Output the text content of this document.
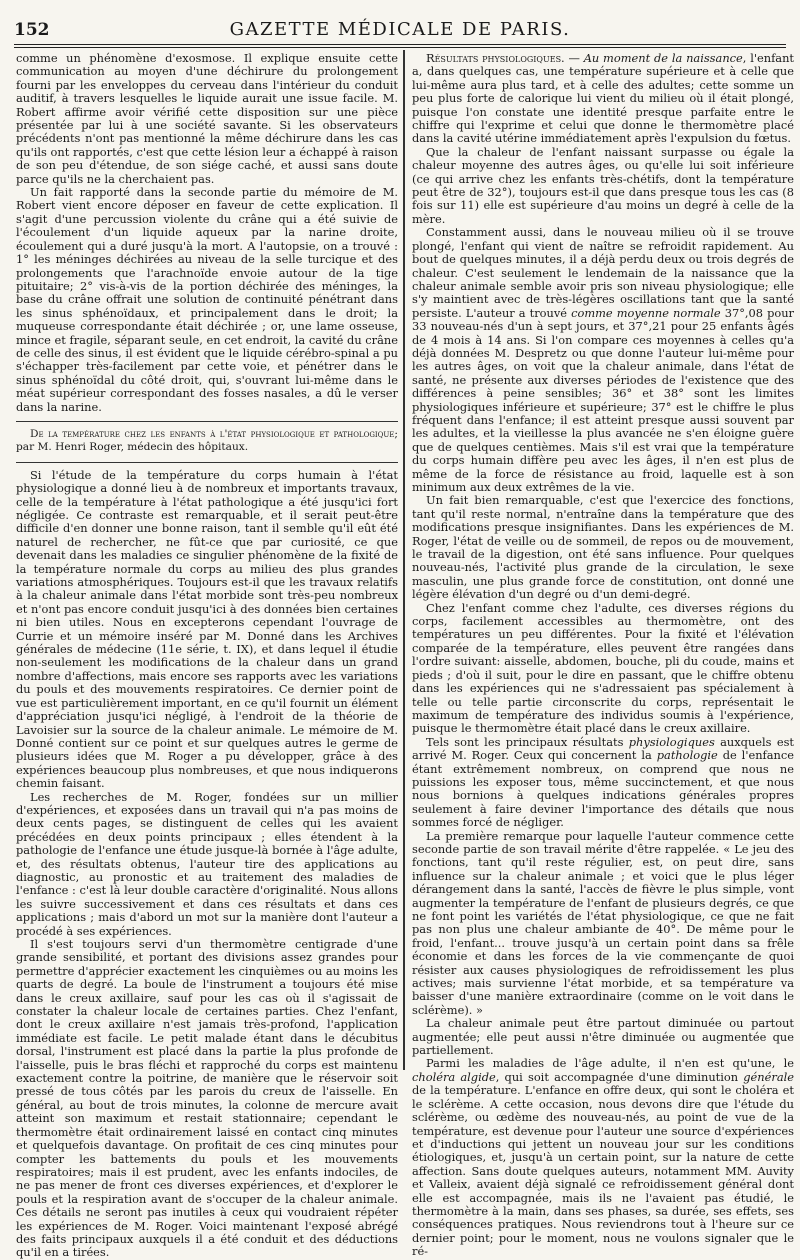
152	GAZETTE MÉDICALE DE PARIS.

comme un phénomène d'exosmose. Il explique ensuite cette communication au moyen d'une déchirure du prolongement fourni par les enveloppes du cerveau dans l'intérieur du conduit auditif, à travers lesquelles le liquide aurait une issue facile. M. Robert affirme avoir vérifié cette disposition sur une pièce présentée par lui à une société savante. Si les observateurs précédents n'ont pas mentionné la même déchirure dans les cas qu'ils ont rapportés, c'est que cette lésion leur a échappé à raison de son peu d'étendue, de son siége caché, et aussi sans doute parce qu'ils ne la cherchaient pas.

Un fait rapporté dans la seconde partie du mémoire de M. Robert vient encore déposer en faveur de cette explication. Il s'agit d'une percussion violente du crâne qui a été suivie de l'écoulement d'un liquide aqueux par la narine droite, écoulement qui a duré jusqu'à la mort. A l'autopsie, on a trouvé : 1° les méninges déchirées au niveau de la selle turcique et des prolongements que l'arachnoïde envoie autour de la tige pituitaire; 2° vis-à-vis de la portion déchirée des méninges, la base du crâne offrait une solution de continuité pénétrant dans les sinus sphénoïdaux, et principalement dans le droit; la muqueuse correspondante était déchirée ; or, une lame osseuse, mince et fragile, séparant seule, en cet endroit, la cavité du crâne de celle des sinus, il est évident que le liquide cérébro-spinal a pu s'échapper très-facilement par cette voie, et pénétrer dans le sinus sphénoïdal du côté droit, qui, s'ouvrant lui-même dans le méat supérieur correspondant des fosses nasales, a dû le verser dans la narine.

De la température chez les enfants à l'état physiologique et pathologique; par M. Henri Roger, médecin des hôpitaux.

Si l'étude de la température du corps humain à l'état physiologique a donné lieu à de nombreux et importants travaux, celle de la température à l'état pathologique a été jusqu'ici fort négligée. Ce contraste est remarquable, et il serait peut-être difficile d'en donner une bonne raison, tant il semble qu'il eût été naturel de rechercher, ne fût-ce que par curiosité, ce que devenait dans les maladies ce singulier phénomène de la fixité de la température normale du corps au milieu des plus grandes variations atmosphériques. Toujours est-il que les travaux relatifs à la chaleur animale dans l'état morbide sont très-peu nombreux et n'ont pas encore conduit jusqu'ici à des données bien certaines ni bien utiles. Nous en excepterons cependant l'ouvrage de Currie et un mémoire inséré par M. Donné dans les Archives générales de médecine (11e série, t. IX), et dans lequel il étudie non-seulement les modifications de la chaleur dans un grand nombre d'affections, mais encore ses rapports avec les variations du pouls et des mouvements respiratoires. Ce dernier point de vue est particulièrement important, en ce qu'il fournit un élément d'appréciation jusqu'ici négligé, à l'endroit de la théorie de Lavoisier sur la source de la chaleur animale. Le mémoire de M. Donné contient sur ce point et sur quelques autres le germe de plusieurs idées que M. Roger a pu développer, grâce à des expériences beaucoup plus nombreuses, et que nous indiquerons chemin faisant.

Les recherches de M. Roger, fondées sur un millier d'expériences, et exposées dans un travail qui n'a pas moins de deux cents pages, se distinguent de celles qui les avaient précédées en deux points principaux ; elles étendent à la pathologie de l'enfance une étude jusque-là bornée à l'âge adulte, et, des résultats obtenus, l'auteur tire des applications au diagnostic, au pronostic et au traitement des maladies de l'enfance : c'est là leur double caractère d'originalité. Nous allons les suivre successivement et dans ces résultats et dans ces applications ; mais d'abord un mot sur la manière dont l'auteur a procédé à ses expériences.

Il s'est toujours servi d'un thermomètre centigrade d'une grande sensibilité, et portant des divisions assez grandes pour permettre d'apprécier exactement les cinquièmes ou au moins les quarts de degré. La boule de l'instrument a toujours été mise dans le creux axillaire, sauf pour les cas où il s'agissait de constater la chaleur locale de certaines parties. Chez l'enfant, dont le creux axillaire n'est jamais très-profond, l'application immédiate est facile. Le petit malade étant dans le décubitus dorsal, l'instrument est placé dans la partie la plus profonde de l'aisselle, puis le bras fléchi et rapproché du corps est maintenu exactement contre la poitrine, de manière que le réservoir soit pressé de tous côtés par les parois du creux de l'aisselle. En général, au bout de trois minutes, la colonne de mercure avait atteint son maximum et restait stationnaire; cependant le thermomètre était ordinairement laissé en contact cinq minutes et quelquefois davantage. On profitait de ces cinq minutes pour compter les battements du pouls et les mouvements respiratoires; mais il est prudent, avec les enfants indociles, de ne pas mener de front ces diverses expériences, et d'explorer le pouls et la respiration avant de s'occuper de la chaleur animale. Ces détails ne seront pas inutiles à ceux qui voudraient répéter les expériences de M. Roger. Voici maintenant l'exposé abrégé des faits principaux auxquels il a été conduit et des déductions qu'il en a tirées.

Résultats physiologiques. — Au moment de la naissance, l'enfant a, dans quelques cas, une température supérieure et à celle que lui-même aura plus tard, et à celle des adultes; cette somme un peu plus forte de calorique lui vient du milieu où il était plongé, puisque l'on constate une identité presque parfaite entre le chiffre qui l'exprime et celui que donne le thermomètre placé dans la cavité utérine immédiatement après l'expulsion du fœtus.

Que la chaleur de l'enfant naissant surpasse ou égale la chaleur moyenne des autres âges, ou qu'elle lui soit inférieure (ce qui arrive chez les enfants très-chétifs, dont la température peut être de 32°), toujours est-il que dans presque tous les cas (8 fois sur 11) elle est supérieure d'au moins un degré à celle de la mère.

Constamment aussi, dans le nouveau milieu où il se trouve plongé, l'enfant qui vient de naître se refroidit rapidement. Au bout de quelques minutes, il a déjà perdu deux ou trois degrés de chaleur. C'est seulement le lendemain de la naissance que la chaleur animale semble avoir pris son niveau physiologique; elle s'y maintient avec de très-légères oscillations tant que la santé persiste. L'auteur a trouvé comme moyenne normale 37°,08 pour 33 nouveau-nés d'un à sept jours, et 37°,21 pour 25 enfants âgés de 4 mois à 14 ans. Si l'on compare ces moyennes à celles qu'a déjà données M. Despretz ou que donne l'auteur lui-même pour les autres âges, on voit que la chaleur animale, dans l'état de santé, ne présente aux diverses périodes de l'existence que des différences à peine sensibles; 36° et 38° sont les limites physiologiques inférieure et supérieure; 37° est le chiffre le plus fréquent dans l'enfance; il est atteint presque aussi souvent par les adultes, et la vieillesse la plus avancée ne s'en éloigne guère que de quelques centièmes. Mais s'il est vrai que la température du corps humain diffère peu avec les âges, il n'en est plus de même de la force de résistance au froid, laquelle est à son minimum aux deux extrêmes de la vie.

Un fait bien remarquable, c'est que l'exercice des fonctions, tant qu'il reste normal, n'entraîne dans la température que des modifications presque insignifiantes. Dans les expériences de M. Roger, l'état de veille ou de sommeil, de repos ou de mouvement, le travail de la digestion, ont été sans influence. Pour quelques nouveau-nés, l'activité plus grande de la circulation, le sexe masculin, une plus grande force de constitution, ont donné une légère élévation d'un degré ou d'un demi-degré.

Chez l'enfant comme chez l'adulte, ces diverses régions du corps, facilement accessibles au thermomètre, ont des températures un peu différentes. Pour la fixité et l'élévation comparée de la température, elles peuvent être rangées dans l'ordre suivant: aisselle, abdomen, bouche, pli du coude, mains et pieds ; d'où il suit, pour le dire en passant, que le chiffre obtenu dans les expériences qui ne s'adressaient pas spécialement à telle ou telle partie circonscrite du corps, représentait le maximum de température des individus soumis à l'expérience, puisque le thermomètre était placé dans le creux axillaire.

Tels sont les principaux résultats physiologiques auxquels est arrivé M. Roger. Ceux qui concernent la pathologie de l'enfance étant extrêmement nombreux, on comprend que nous ne puissions les exposer tous, même succinctement, et que nous nous bornions à quelques indications générales propres seulement à faire deviner l'importance des détails que nous sommes forcé de négliger.

La première remarque pour laquelle l'auteur commence cette seconde partie de son travail mérite d'être rappelée. « Le jeu des fonctions, tant qu'il reste régulier, est, on peut dire, sans influence sur la chaleur animale ; et voici que le plus léger dérangement dans la santé, l'accès de fièvre le plus simple, vont augmenter la température de l'enfant de plusieurs degrés, ce que ne font point les variétés de l'état physiologique, ce que ne fait pas non plus une chaleur ambiante de 40°. De même pour le froid, l'enfant... trouve jusqu'à un certain point dans sa frêle économie et dans les forces de la vie commençante de quoi résister aux causes physiologiques de refroidissement les plus actives; mais survienne l'état morbide, et sa température va baisser d'une manière extraordinaire (comme on le voit dans le sclérème). »

La chaleur animale peut être partout diminuée ou partout augmentée; elle peut aussi n'être diminuée ou augmentée que partiellement.

Parmi les maladies de l'âge adulte, il n'en est qu'une, le choléra algide, qui soit accompagnée d'une diminution générale de la température. L'enfance en offre deux, qui sont le choléra et le sclérème. A cette occasion, nous devons dire que l'étude du sclérème, ou œdème des nouveau-nés, au point de vue de la température, est devenue pour l'auteur une source d'expériences et d'inductions qui jettent un nouveau jour sur les conditions étiologiques, et, jusqu'à un certain point, sur la nature de cette affection. Sans doute quelques auteurs, notamment MM. Auvity et Valleix, avaient déjà signalé ce refroidissement général dont elle est accompagnée, mais ils ne l'avaient pas étudié, le thermomètre à la main, dans ses phases, sa durée, ses effets, ses conséquences pratiques. Nous reviendrons tout à l'heure sur ce dernier point; pour le moment, nous ne voulons signaler que le ré-
